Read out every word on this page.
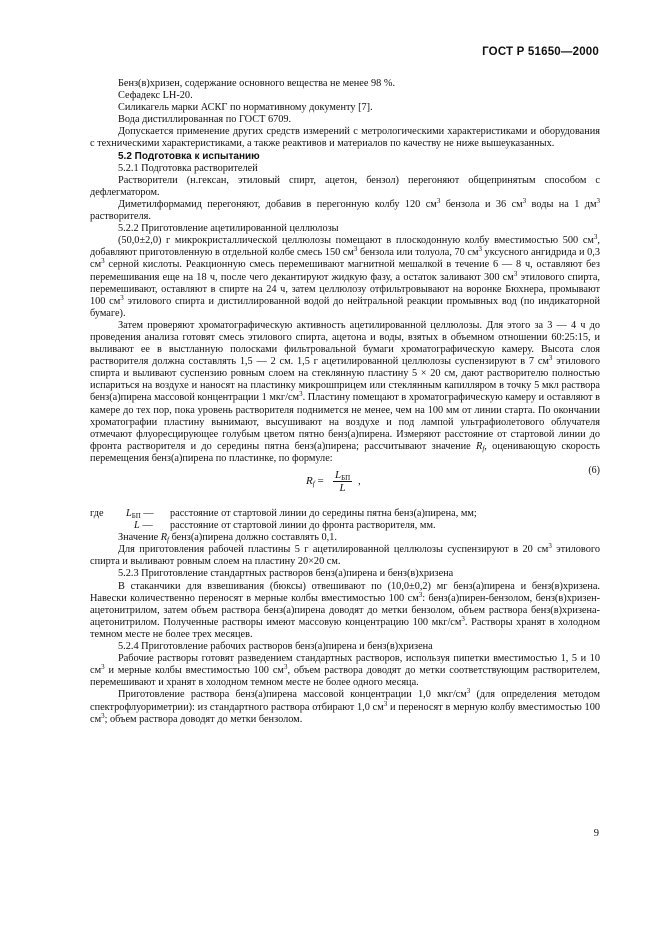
ГОСТ Р 51650—2000

Бенз(в)хризен, содержание основного вещества не менее 98 %.

Сефадекс LH-20.

Силикагель марки АСКГ по нормативному документу [7].

Вода дистиллированная по ГОСТ 6709.

Допускается применение других средств измерений с метрологическими характеристиками и оборудования с техническими характеристиками, а также реактивов и материалов по качеству не ниже вышеуказанных.

5.2 Подготовка к испытанию

5.2.1 Подготовка растворителей

Растворители (н.гексан, этиловый спирт, ацетон, бензол) перегоняют общепринятым способом с дефлегматором.

Диметилформамид перегоняют, добавив в перегонную колбу 120 $см^3$ бензола и 36 $см^3$ воды на 1 $дм^3$ растворителя.

5.2.2 Приготовление ацетилированной целлюлозы

(50,0±2,0) г микрокристаллической целлюлозы помещают в плоскодонную колбу вместимостью 500 $см^3$, добавляют приготовленную в отдельной колбе смесь 150 $см^3$ бензола или толуола, 70 $см^3$ уксусного ангидрида и 0,3 $см^3$ серной кислоты. Реакционную смесь перемешивают магнитной мешалкой в течение 6 — 8 ч, оставляют без перемешивания еще на 18 ч, после чего декантируют жидкую фазу, а остаток заливают 300 $см^3$ этилового спирта, перемешивают, оставляют в спирте на 24 ч, затем целлюлозу отфильтровывают на воронке Бюхнера, промывают 100 $см^3$ этилового спирта и дистиллированной водой до нейтральной реакции промывных вод (по индикаторной бумаге).

Затем проверяют хроматографическую активность ацетилированной целлюлозы. Для этого за 3 — 4 ч до проведения анализа готовят смесь этилового спирта, ацетона и воды, взятых в объемном отношении 60:25:15, и выливают ее в выстланную полосками фильтровальной бумаги хроматографическую камеру. Высота слоя растворителя должна составлять 1,5 — 2 см. 1,5 г ацетилированной целлюлозы суспензируют в 7 $см^3$ этилового спирта и выливают суспензию ровным слоем на стеклянную пластину 5 × 20 см, дают растворителю полностью испариться на воздухе и наносят на пластинку микрошприцем или стеклянным капилляром в точку 5 мкл раствора бенз(а)пирена массовой концентрации 1 мкг/$см^3$. Пластину помещают в хроматографическую камеру и оставляют в камере до тех пор, пока уровень растворителя поднимется не менее, чем на 100 мм от линии старта. По окончании хроматографии пластину вынимают, высушивают на воздухе и под лампой ультрафиолетового облучателя отмечают флуоресцирующее голубым цветом пятно бенз(а)пирена. Измеряют расстояние от стартовой линии до фронта растворителя и до середины пятна бенз(а)пирена; рассчитывают значение $R_f$, оценивающую скорость перемещения бенз(а)пирена по пластинке, по формуле:

$R_f = L_{БП}$
L
,
(6)

где $L_{БП}$ — расстояние от стартовой линии до середины пятна бенз(а)пирена, мм;

L — расстояние от стартовой линии до фронта растворителя, мм.

Значение $R_f$ бенз(а)пирена должно составлять 0,1.

Для приготовления рабочей пластины 5 г ацетилированной целлюлозы суспензируют в 20 $см^3$ этилового спирта и выливают ровным слоем на пластину 20×20 см.

5.2.3 Приготовление стандартных растворов бенз(а)пирена и бенз(в)хризена

В стаканчики для взвешивания (бюксы) отвешивают по (10,0±0,2) мг бенз(а)пирена и бенз(в)хризена. Навески количественно переносят в мерные колбы вместимостью 100 $см^3$: бенз(а)пирен-бензолом, бенз(в)хризен-ацетонитрилом, затем объем раствора бенз(а)пирена доводят до метки бензолом, объем раствора бенз(в)хризена-ацетонитрилом. Полученные растворы имеют массовую концентрацию 100 мкг/$см^3$. Растворы хранят в холодном темном месте не более трех месяцев.

5.2.4 Приготовление рабочих растворов бенз(а)пирена и бенз(в)хризена

Рабочие растворы готовят разведением стандартных растворов, используя пипетки вместимостью 1, 5 и 10 $см^3$ и мерные колбы вместимостью 100 $см^3$, объем раствора доводят до метки соответствующим растворителем, перемешивают и хранят в холодном темном месте не более одного месяца.

Приготовление раствора бенз(а)пирена массовой концентрации 1,0 мкг/$см^3$ (для определения методом спектрофлуориметрии): из стандартного раствора отбирают 1,0 $см^3$ и переносят в мерную колбу вместимостью 100 $см^3$; объем раствора доводят до метки бензолом.

9
